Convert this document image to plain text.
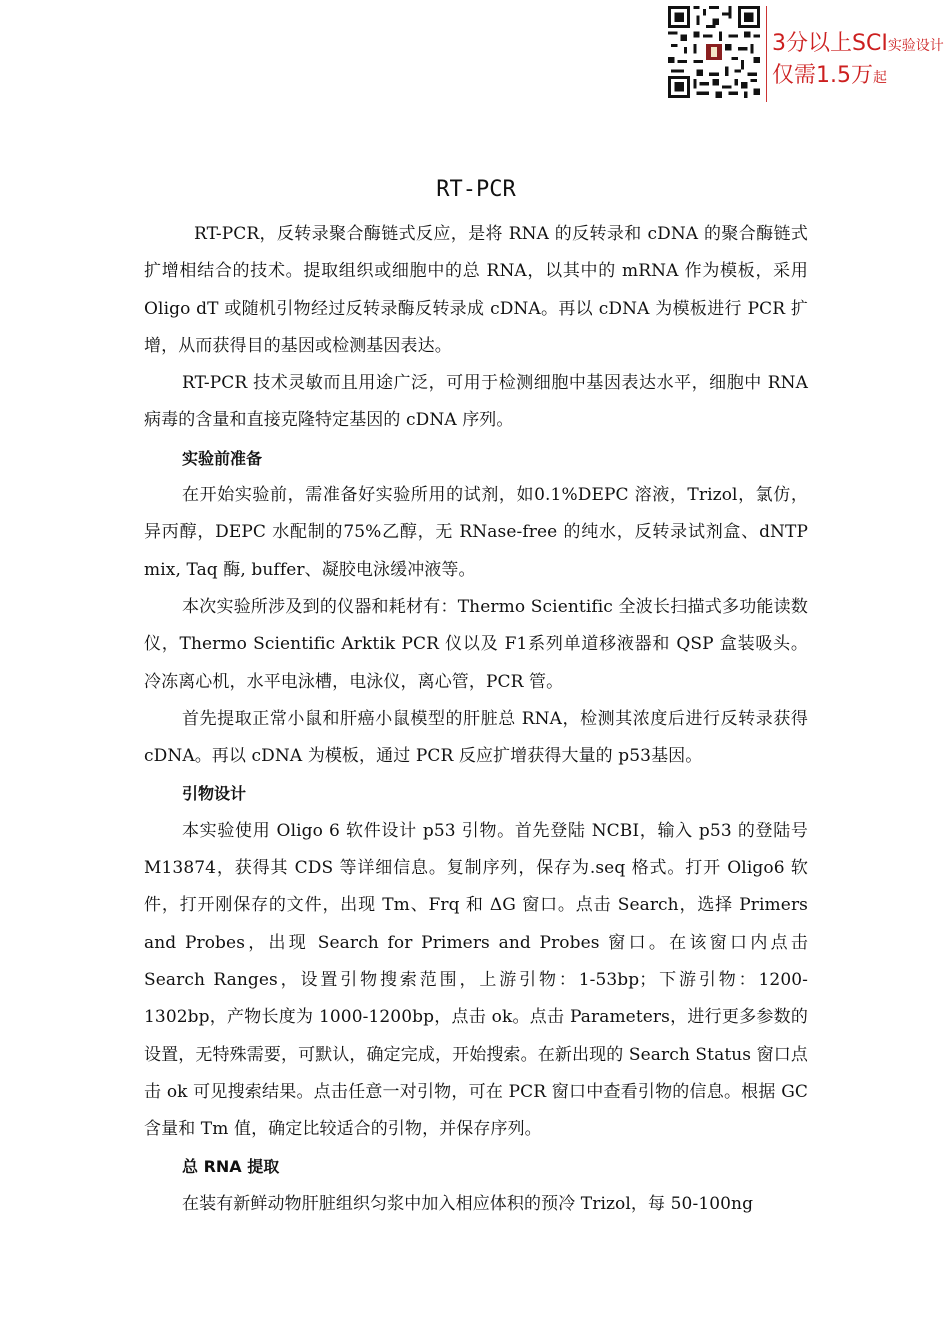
3分以上SCI实验设计
仅需1.5万起
RT-PCR

RT-PCR，反转录聚合酶链式反应，是将 RNA 的反转录和 cDNA 的聚合酶链式扩增相结合的技术。提取组织或细胞中的总 RNA，以其中的 mRNA 作为模板，采用 Oligo dT 或随机引物经过反转录酶反转录成 cDNA。再以 cDNA 为模板进行 PCR 扩增，从而获得目的基因或检测基因表达。

RT-PCR 技术灵敏而且用途广泛，可用于检测细胞中基因表达水平，细胞中 RNA 病毒的含量和直接克隆特定基因的 cDNA 序列。

实验前准备

在开始实验前，需准备好实验所用的试剂，如0.1%DEPC 溶液，Trizol，氯仿，异丙醇，DEPC 水配制的75%乙醇，无 RNase-free 的纯水，反转录试剂盒、dNTP mix, Taq 酶, buffer、凝胶电泳缓冲液等。

本次实验所涉及到的仪器和耗材有：Thermo Scientific 全波长扫描式多功能读数仪，Thermo Scientific Arktik PCR 仪以及 F1系列单道移液器和 QSP 盒装吸头。冷冻离心机，水平电泳槽，电泳仪，离心管，PCR 管。

首先提取正常小鼠和肝癌小鼠模型的肝脏总 RNA，检测其浓度后进行反转录获得 cDNA。再以 cDNA 为模板，通过 PCR 反应扩增获得大量的 p53基因。

引物设计

本实验使用 Oligo 6 软件设计 p53 引物。首先登陆 NCBI，输入 p53 的登陆号 M13874，获得其 CDS 等详细信息。复制序列，保存为.seq 格式。打开 Oligo6 软件，打开刚保存的文件，出现 Tm、Frq 和 ΔG 窗口。点击 Search，选择 Primers and Probes，出现 Search for Primers and Probes 窗口。在该窗口内点击 Search Ranges，设置引物搜索范围，上游引物：1-53bp；下游引物：1200-1302bp，产物长度为 1000-1200bp，点击 ok。点击 Parameters，进行更多参数的设置，无特殊需要，可默认，确定完成，开始搜索。在新出现的 Search Status 窗口点击 ok 可见搜索结果。点击任意一对引物，可在 PCR 窗口中查看引物的信息。根据 GC 含量和 Tm 值，确定比较适合的引物，并保存序列。

总 RNA 提取

在装有新鲜动物肝脏组织匀浆中加入相应体积的预冷 Trizol，每 50-100ng
